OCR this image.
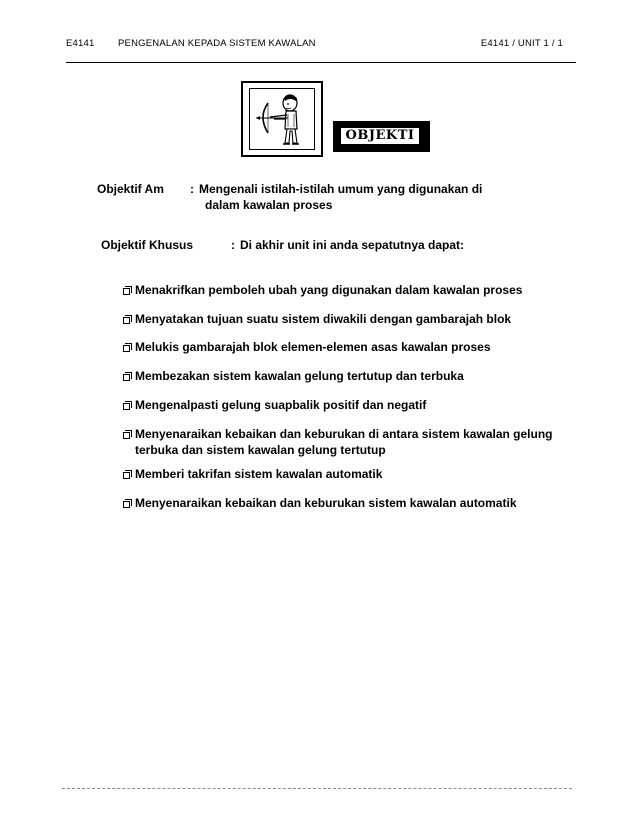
E4141 PENGENALAN KEPADA SISTEM KAWALAN	E4141 / UNIT 1 / 1
OBJEKTI
Objektif Am : Mengenali istilah-istilah umum yang digunakan di
dalam kawalan proses
Objektif Khusus	: Di akhir unit ini anda sepatutnya dapat:
Menakrifkan pemboleh ubah yang digunakan dalam kawalan proses
Menyatakan tujuan suatu sistem diwakili dengan gambarajah blok
Melukis gambarajah blok elemen-elemen asas kawalan proses
Membezakan sistem kawalan gelung tertutup dan terbuka
Mengenalpasti gelung suapbalik positif dan negatif
Menyenaraikan kebaikan dan keburukan di antara sistem kawalan gelung
terbuka dan sistem kawalan gelung tertutup
Memberi takrifan sistem kawalan automatik
Menyenaraikan kebaikan dan keburukan sistem kawalan automatik
